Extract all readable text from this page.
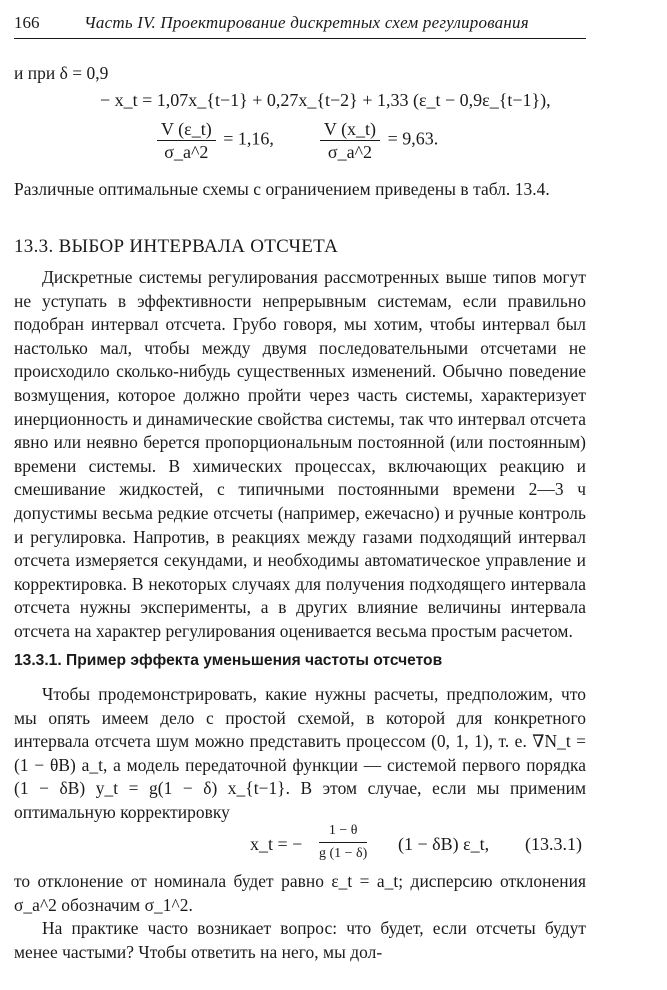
166	Часть IV. Проектирование дискретных схем регулирования
и при δ = 0,9
− x_t = 1,07x_{t−1} + 0,27x_{t−2} + 1,33 (ε_t − 0,9ε_{t−1}),
$\frac{V (\varepsilon\_t)}{\sigma\_a\^{}2} = 1,16$,	$\frac{V (x\_t)}{\sigma\_a\^{}2} = 9,63$.

Различные оптимальные схемы с ограничением приведены в табл. 13.4.

13.3. ВЫБОР ИНТЕРВАЛА ОТСЧЕТА

Дискретные системы регулирования рассмотренных выше типов могут не уступать в эффективности непрерывным системам, если правильно подобран интервал отсчета. Грубо говоря, мы хотим, чтобы интервал был настолько мал, чтобы между двумя последовательными отсчетами не происходило сколько-нибудь существенных изменений. Обычно поведение возмущения, которое должно пройти через часть системы, характеризует инерционность и динамические свойства системы, так что интервал отсчета явно или неявно берется пропорциональным постоянной (или постоянным) времени системы. В химических процессах, включающих реакцию и смешивание жидкостей, с типичными постоянными времени 2—3 ч допустимы весьма редкие отсчеты (например, ежечасно) и ручные контроль и регулировка. Напротив, в реакциях между газами подходящий интервал отсчета измеряется секундами, и необходимы автоматическое управление и корректировка. В некоторых случаях для получения подходящего интервала отсчета нужны эксперименты, а в других влияние величины интервала отсчета на характер регулирования оценивается весьма простым расчетом.

13.3.1. Пример эффекта уменьшения частоты отсчетов

Чтобы продемонстрировать, какие нужны расчеты, предположим, что мы опять имеем дело с простой схемой, в которой для конкретного интервала отсчета шум можно представить процессом (0, 1, 1), т. е. ∇N_t = (1 − θB) a_t, а модель передаточной функции — системой первого порядка (1 − δB) y_t = g(1 − δ) x_{t−1}. В этом случае, если мы применим оптимальную корректировку

x_t = − $\frac{1 - \theta}{g (1 - \delta)} (1 - \delta B)$ ε_t, (13.3.1)

то отклонение от номинала будет равно ε_t = a_t; дисперсию отклонения σ_a^2 обозначим σ_1^2.

На практике часто возникает вопрос: что будет, если отсчеты будут менее частыми? Чтобы ответить на него, мы дол-
